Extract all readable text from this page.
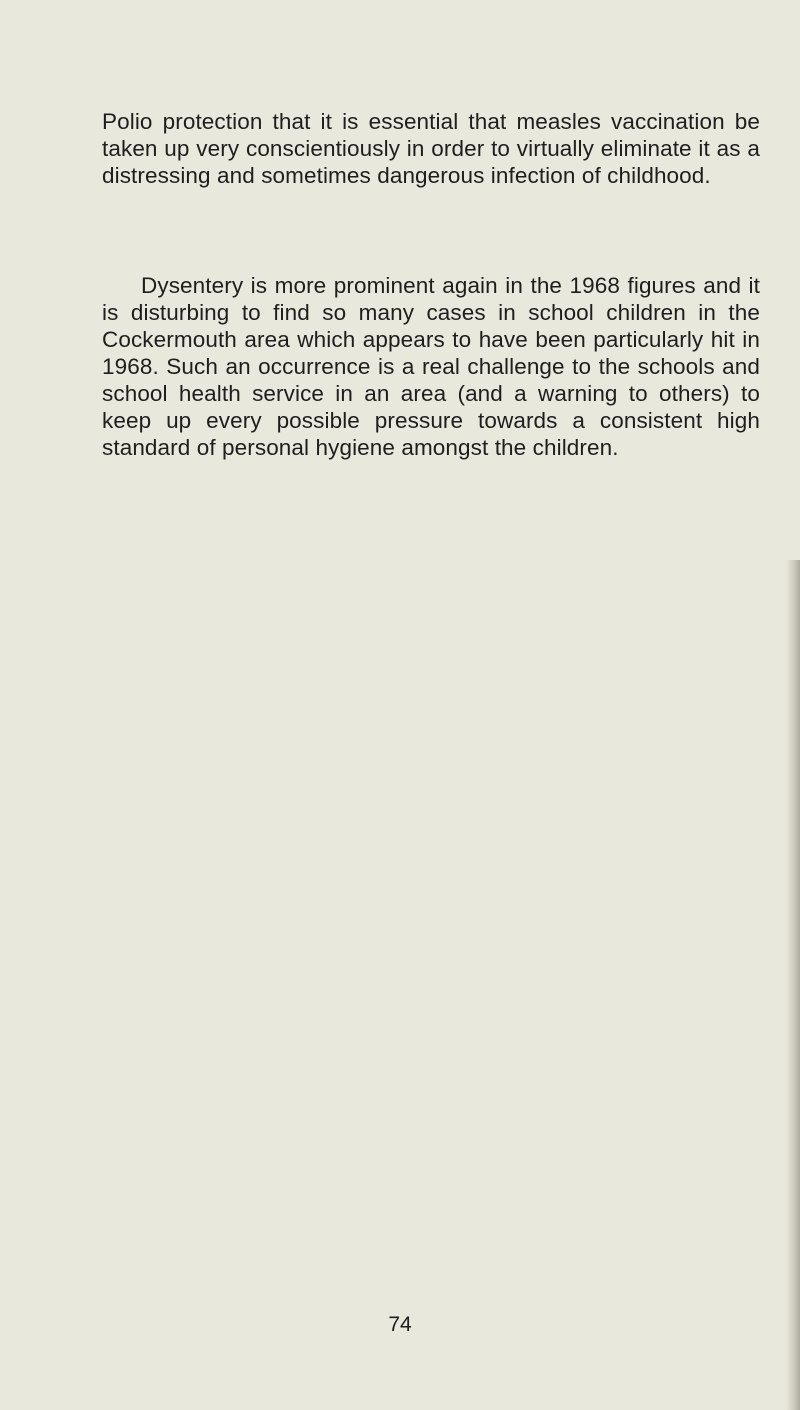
Polio protection that it is essential that measles vaccination be taken up very conscientiously in order to virtually eliminate it as a distressing and sometimes dangerous infection of childhood.

Dysentery is more prominent again in the 1968 figures and it is disturbing to find so many cases in school children in the Cockermouth area which appears to have been particularly hit in 1968. Such an occurrence is a real challenge to the schools and school health service in an area (and a warning to others) to keep up every possible pressure towards a consistent high standard of personal hygiene amongst the children.

74
